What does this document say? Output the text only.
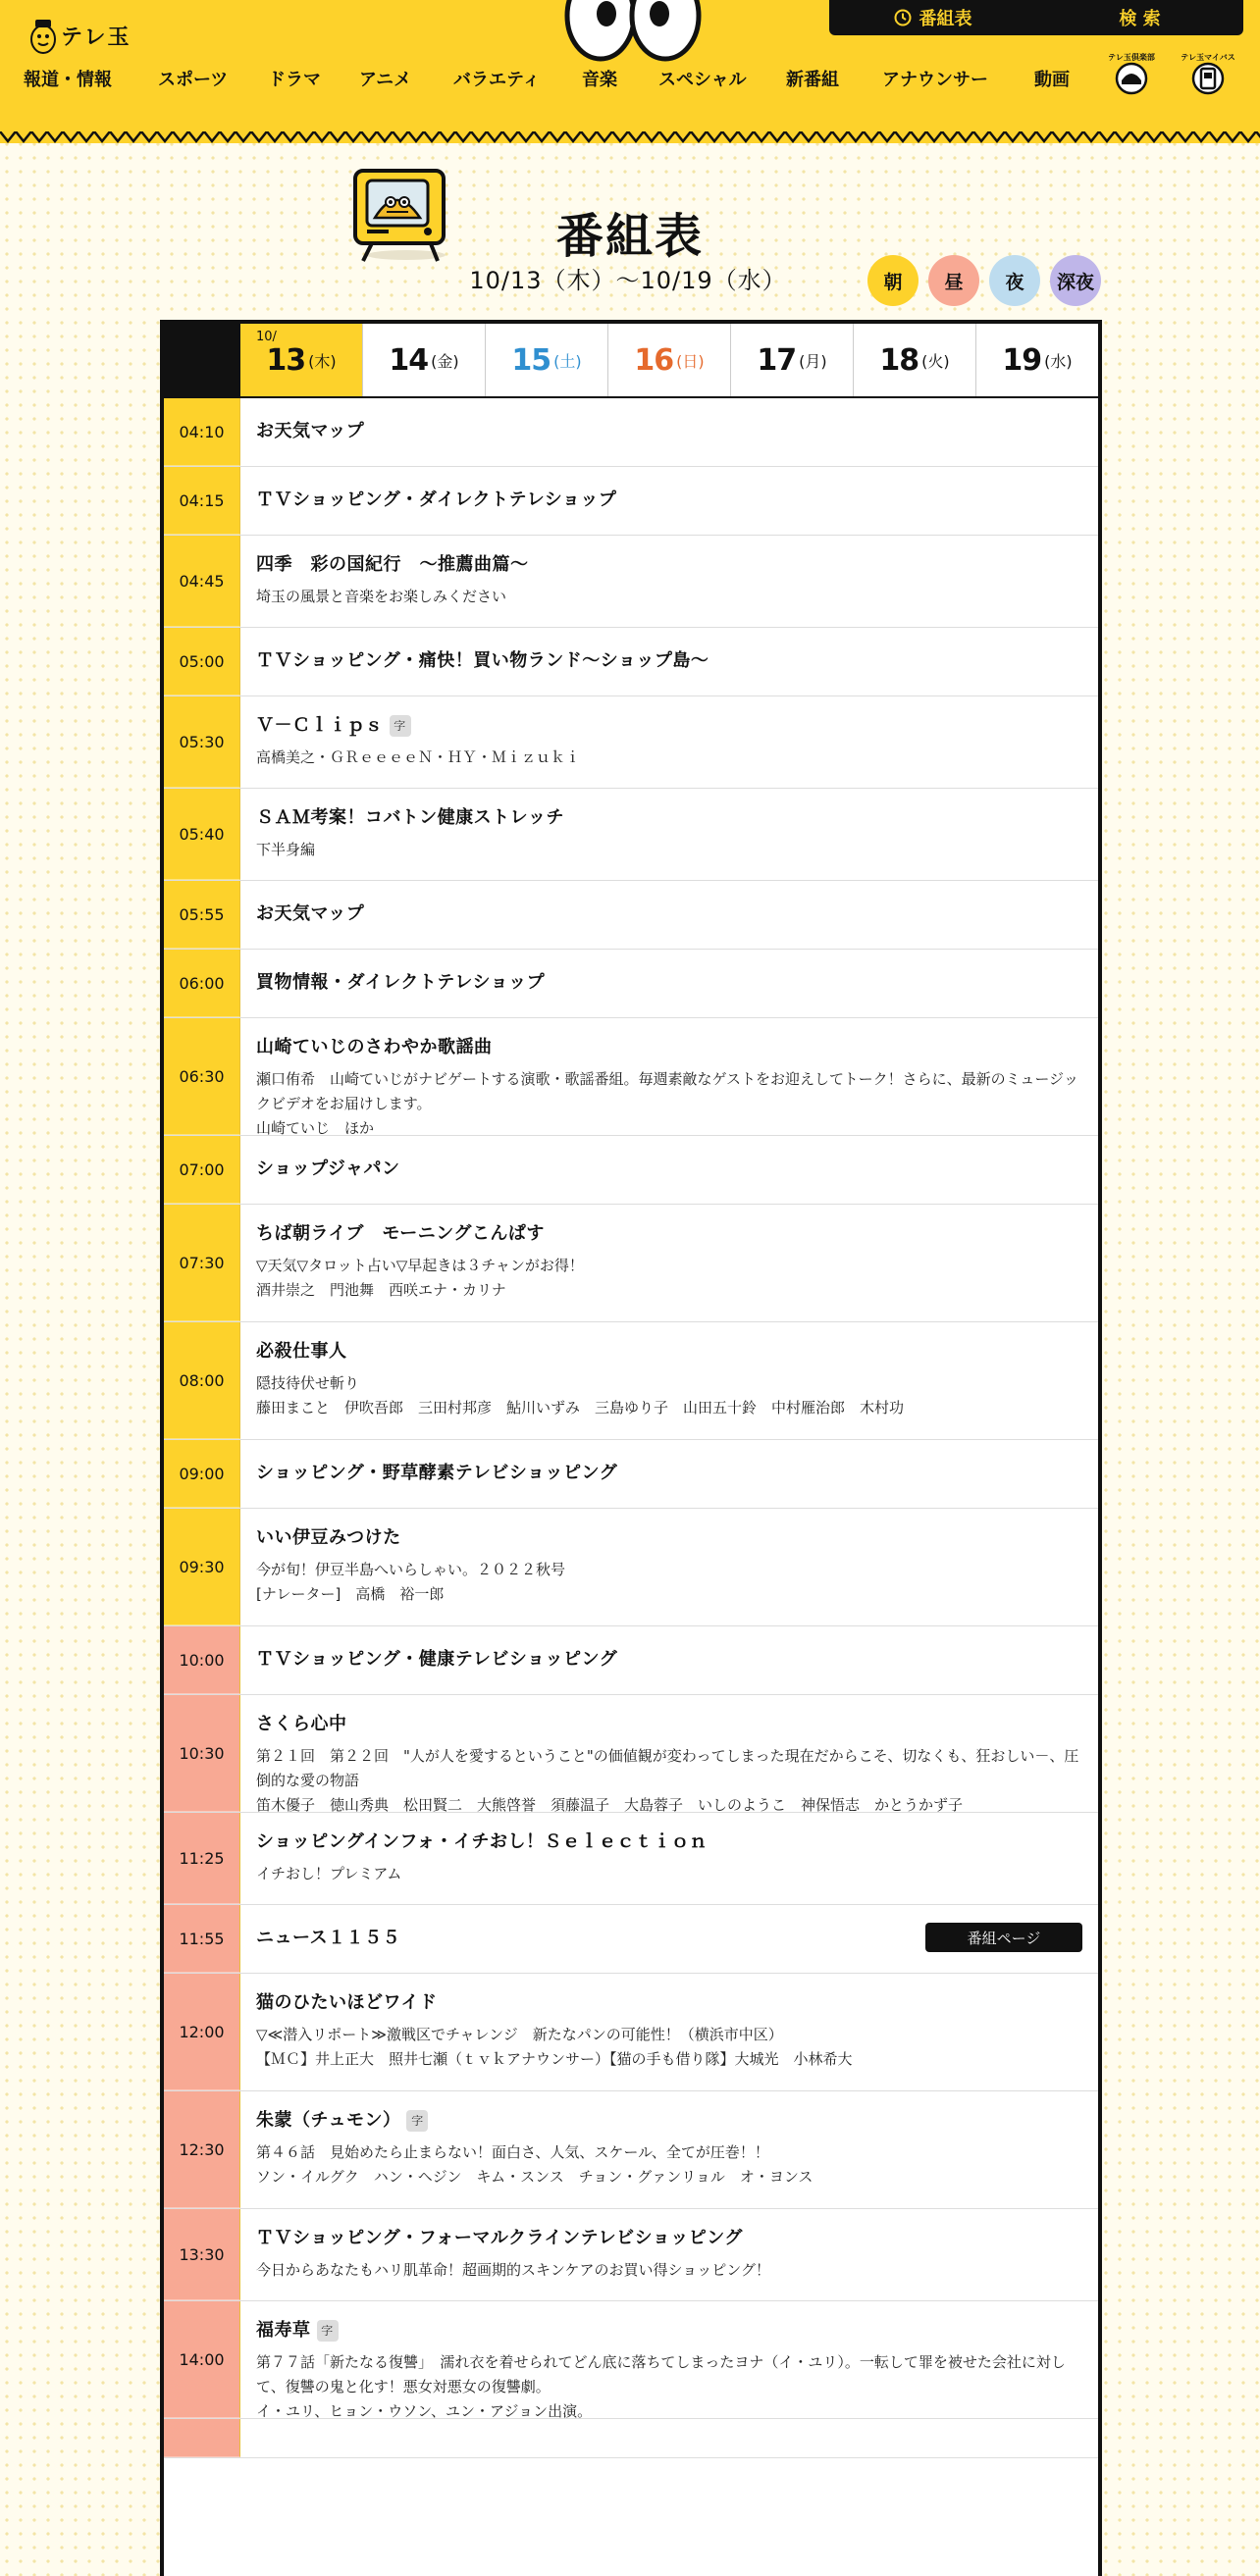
テレ玉
番組表	検 索
報道・情報	スポーツ	ドラマ	アニメ	バラエティ	音楽	スペシャル	新番組	アナウンサー	動画
テレ玉倶楽部	テレ玉マイバス
番組表
10/13（木）〜10/19（水）	朝	昼	夜	深夜
10/
13 (木) 14 (金) 15 (土) 16 (日) 17 (月) 18 (火) 19 (水)
04:10	お天気マップ
04:15	ＴＶショッピング・ダイレクトテレショップ
04:45
四季　彩の国紀行　～推薦曲篇～
埼玉の風景と音楽をお楽しみください
05:00	ＴＶショッピング・痛快！買い物ランド～ショップ島～
05:30
Ｖ－Ｃｌｉｐｓ 字
高橋美之・ＧＲｅｅｅｅＮ・ＨＹ・Ｍｉｚｕｋｉ
05:40
ＳＡＭ考案！コバトン健康ストレッチ
下半身編
05:55	お天気マップ
06:00	買物情報・ダイレクトテレショップ
06:30
山崎ていじのさわやか歌謡曲
瀬口侑希　山崎ていじがナビゲートする演歌・歌謡番組。毎週素敵なゲストをお迎えしてトーク！さらに、最新のミュージックビデオをお届けします。
山崎ていじ　ほか
07:00	ショップジャパン
07:30
ちば朝ライブ　モーニングこんぱす
▽天気▽タロット占い▽早起きは３チャンがお得！
酒井崇之　門池舞　西咲エナ・カリナ
08:00
必殺仕事人
隠技待伏せ斬り
藤田まこと　伊吹吾郎　三田村邦彦　鮎川いずみ　三島ゆり子　山田五十鈴　中村雁治郎　木村功
09:00	ショッピング・野草酵素テレビショッピング
09:30
いい伊豆みつけた
今が旬！伊豆半島へいらしゃい。２０２２秋号
[ナレーター]　高橋　裕一郎
10:00	ＴＶショッピング・健康テレビショッピング
10:30
さくら心中
第２１回　第２２回　"人が人を愛するということ"の価値観が変わってしまった現在だからこそ、切なくも、狂おしい－、圧倒的な愛の物語
笛木優子　徳山秀典　松田賢二　大熊啓誉　須藤温子　大島蓉子　いしのようこ　神保悟志　かとうかず子
11:25
ショッピングインフォ・イチおし！Ｓｅｌｅｃｔｉｏｎ
イチおし！プレミアム
11:55	ニュース１１５５	番組ページ
12:00
猫のひたいほどワイド
▽≪潜入リポート≫激戦区でチャレンジ　新たなパンの可能性！（横浜市中区）
【ＭＣ】井上正大　照井七瀬（ｔｖｋアナウンサー）【猫の手も借り隊】大城光　小林希大
12:30
朱蒙（チュモン） 字
第４６話　見始めたら止まらない！面白さ、人気、スケール、全てが圧巻！！
ソン・イルグク　ハン・ヘジン　キム・スンス　チョン・グァンリョル　オ・ヨンス
13:30
ＴＶショッピング・フォーマルクラインテレビショッピング
今日からあなたもハリ肌革命！超画期的スキンケアのお買い得ショッピング！
14:00
福寿草 字
第７７話「新たなる復讐」　濡れ衣を着せられてどん底に落ちてしまったヨナ（イ・ユリ）。一転して罪を被せた会社に対して、復讐の鬼と化す！悪女対悪女の復讐劇。
イ・ユリ、ヒョン・ウソン、ユン・アジョン出演。
